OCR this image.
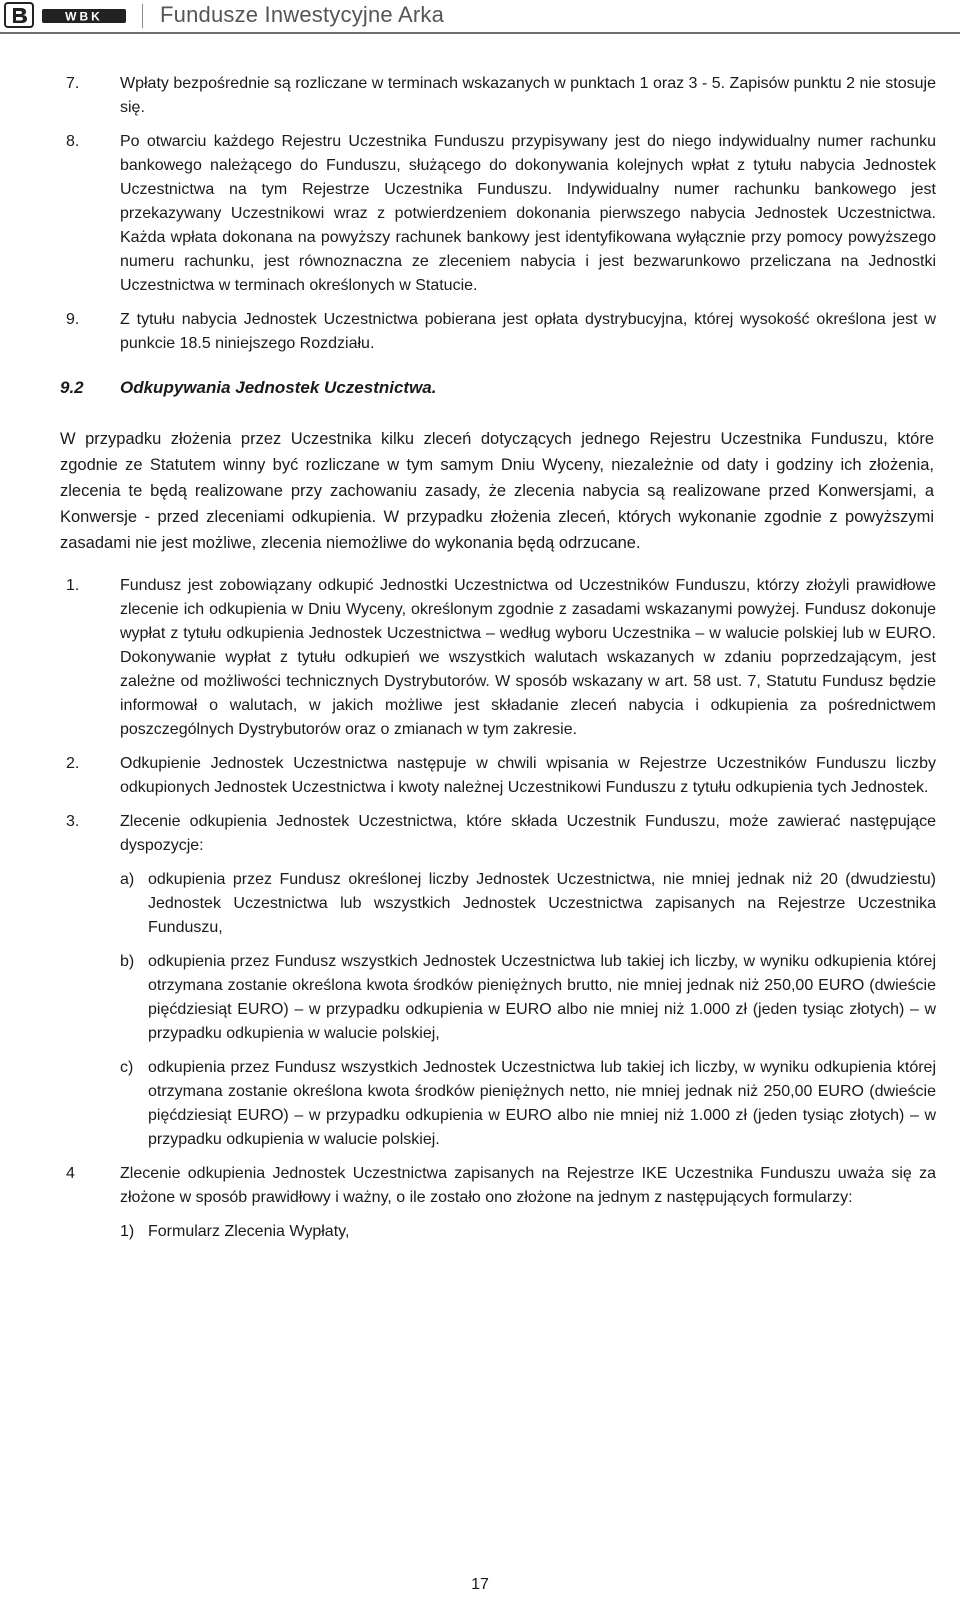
WBK	Fundusze Inwestycyjne Arka
7.	Wpłaty bezpośrednie są rozliczane w terminach wskazanych w punktach 1 oraz 3 - 5. Zapisów punktu 2 nie stosuje się.
8.	Po otwarciu każdego Rejestru Uczestnika Funduszu przypisywany jest do niego indywidualny numer rachunku bankowego należącego do Funduszu, służącego do dokonywania kolejnych wpłat z tytułu nabycia Jednostek Uczestnictwa na tym Rejestrze Uczestnika Funduszu. Indywidualny numer rachunku bankowego jest przekazywany Uczestnikowi wraz z potwierdzeniem dokonania pierwszego nabycia Jednostek Uczestnictwa. Każda wpłata dokonana na powyższy rachunek bankowy jest identyfikowana wyłącznie przy pomocy powyższego numeru rachunku, jest równoznaczna ze zleceniem nabycia i jest bezwarunkowo przeliczana na Jednostki Uczestnictwa w terminach określonych w Statucie.
9.	Z tytułu nabycia Jednostek Uczestnictwa pobierana jest opłata dystrybucyjna, której wysokość określona jest w punkcie 18.5 niniejszego Rozdziału.
9.2 Odkupywania Jednostek Uczestnictwa.
W przypadku złożenia przez Uczestnika kilku zleceń dotyczących jednego Rejestru Uczestnika Funduszu, które zgodnie ze Statutem winny być rozliczane w tym samym Dniu Wyceny, niezależnie od daty i godziny ich złożenia, zlecenia te będą realizowane przy zachowaniu zasady, że zlecenia nabycia są realizowane przed Konwersjami, a Konwersje - przed zleceniami odkupienia. W przypadku złożenia zleceń, których wykonanie zgodnie z powyższymi zasadami nie jest możliwe, zlecenia niemożliwe do wykonania będą odrzucane.
1.	Fundusz jest zobowiązany odkupić Jednostki Uczestnictwa od Uczestników Funduszu, którzy złożyli prawidłowe zlecenie ich odkupienia w Dniu Wyceny, określonym zgodnie z zasadami wskazanymi powyżej. Fundusz dokonuje wypłat z tytułu odkupienia Jednostek Uczestnictwa – według wyboru Uczestnika – w walucie polskiej lub w EURO. Dokonywanie wypłat z tytułu odkupień we wszystkich walutach wskazanych w zdaniu poprzedzającym, jest zależne od możliwości technicznych Dystrybutorów. W sposób wskazany w art. 58 ust. 7, Statutu Fundusz będzie informował o walutach, w jakich możliwe jest składanie zleceń nabycia i odkupienia za pośrednictwem poszczególnych Dystrybutorów oraz o zmianach w tym zakresie.
2.	Odkupienie Jednostek Uczestnictwa następuje w chwili wpisania w Rejestrze Uczestników Funduszu liczby odkupionych Jednostek Uczestnictwa i kwoty należnej Uczestnikowi Funduszu z tytułu odkupienia tych Jednostek.
3.	Zlecenie odkupienia Jednostek Uczestnictwa, które składa Uczestnik Funduszu, może zawierać następujące dyspozycje:
a) odkupienia przez Fundusz określonej liczby Jednostek Uczestnictwa, nie mniej jednak niż 20 (dwudziestu) Jednostek Uczestnictwa lub wszystkich Jednostek Uczestnictwa zapisanych na Rejestrze Uczestnika Funduszu,
b) odkupienia przez Fundusz wszystkich Jednostek Uczestnictwa lub takiej ich liczby, w wyniku odkupienia której otrzymana zostanie określona kwota środków pieniężnych brutto, nie mniej jednak niż 250,00 EURO (dwieście pięćdziesiąt EURO) – w przypadku odkupienia w EURO albo nie mniej niż 1.000 zł (jeden tysiąc złotych) – w przypadku odkupienia w walucie polskiej,
c) odkupienia przez Fundusz wszystkich Jednostek Uczestnictwa lub takiej ich liczby, w wyniku odkupienia której otrzymana zostanie określona kwota środków pieniężnych netto, nie mniej jednak niż 250,00 EURO (dwieście pięćdziesiąt EURO) – w przypadku odkupienia w EURO albo nie mniej niż 1.000 zł (jeden tysiąc złotych) – w przypadku odkupienia w walucie polskiej.
4	Zlecenie odkupienia Jednostek Uczestnictwa zapisanych na Rejestrze IKE Uczestnika Funduszu uważa się za złożone w sposób prawidłowy i ważny, o ile zostało ono złożone na jednym z następujących formularzy:
1) Formularz Zlecenia Wypłaty,
17
